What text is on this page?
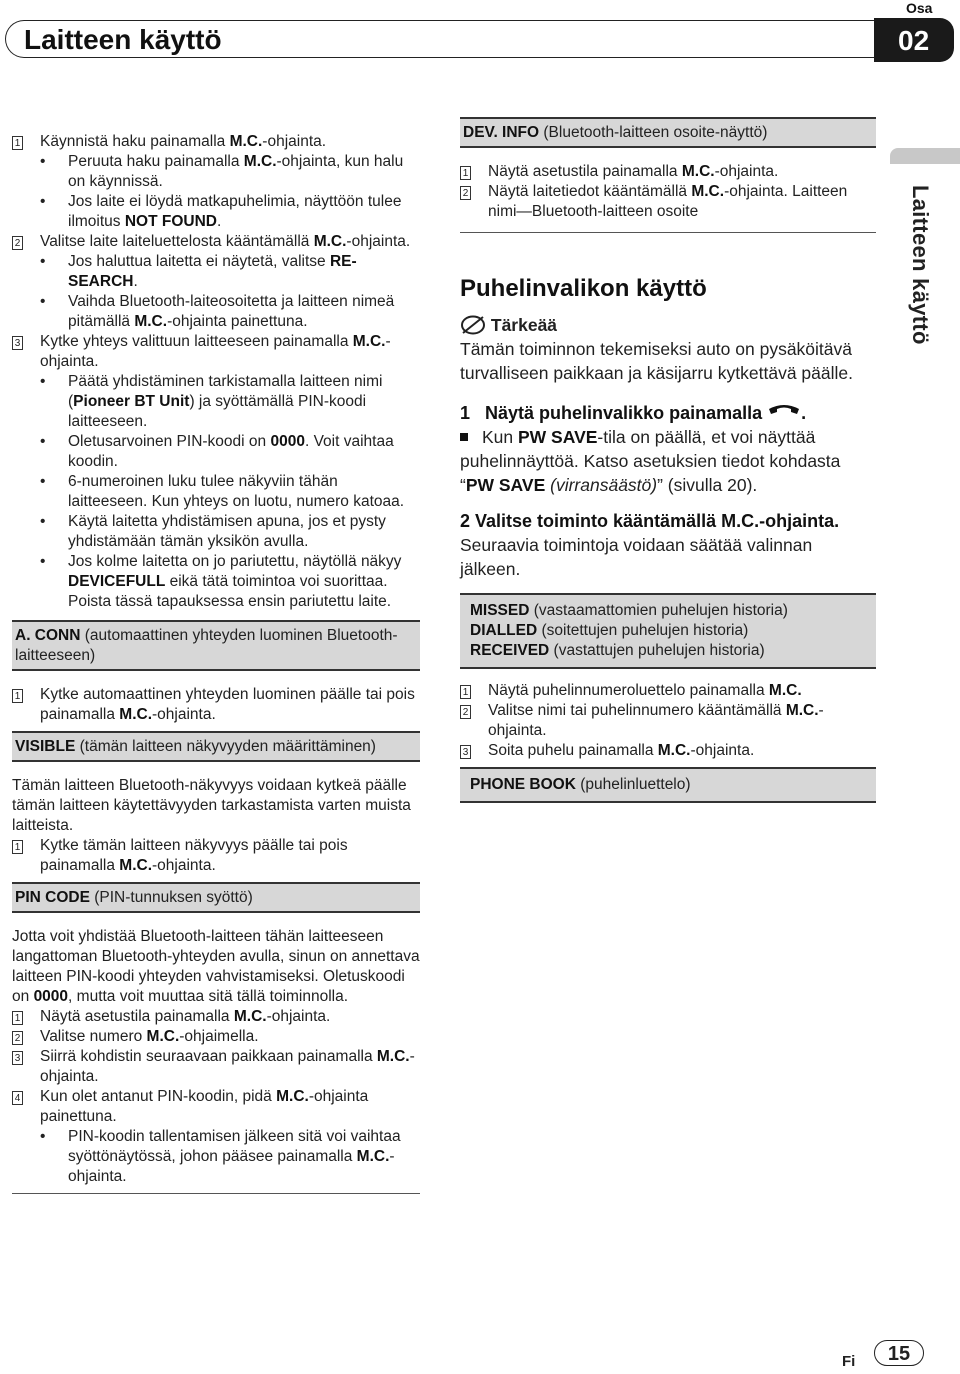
Osa
Laitteen käyttö	02
Laitteen käyttö
1	Käynnistä haku painamalla M.C.-ohjainta.
•	Peruuta haku painamalla M.C.-ohjainta, kun halu on käynnissä.
•	Jos laite ei löydä matkapuhelimia, näyttöön tulee ilmoitus NOT FOUND.
2	Valitse laite laiteluettelosta kääntämällä M.C.-ohjainta.
•	Jos haluttua laitetta ei näytetä, valitse RE-SEARCH.
•	Vaihda Bluetooth-laiteosoitetta ja laitteen nimeä pitämällä M.C.-ohjainta painettuna.
3	Kytke yhteys valittuun laitteeseen painamalla M.C.-ohjainta.
•	Päätä yhdistäminen tarkistamalla laitteen nimi (Pioneer BT Unit) ja syöttämällä PIN-koodi laitteeseen.
•	Oletusarvoinen PIN-koodi on 0000. Voit vaihtaa koodin.
•	6-numeroinen luku tulee näkyviin tähän laitteeseen. Kun yhteys on luotu, numero katoaa.
•	Käytä laitetta yhdistämisen apuna, jos et pysty yhdistämään tämän yksikön avulla.
•	Jos kolme laitetta on jo pariutettu, näytöllä näkyy DEVICEFULL eikä tätä toimintoa voi suorittaa. Poista tässä tapauksessa ensin pariutettu laite.
A. CONN (automaattinen yhteyden luominen Bluetooth-laitteeseen)
1	Kytke automaattinen yhteyden luominen päälle tai pois painamalla M.C.-ohjainta.
VISIBLE (tämän laitteen näkyvyyden määrittäminen)
Tämän laitteen Bluetooth-näkyvyys voidaan kytkeä päälle tämän laitteen käytettävyyden tarkastamista varten muista laitteista.
1	Kytke tämän laitteen näkyvyys päälle tai pois painamalla M.C.-ohjainta.
PIN CODE (PIN-tunnuksen syöttö)
Jotta voit yhdistää Bluetooth-laitteen tähän laitteeseen langattoman Bluetooth-yhteyden avulla, sinun on annettava laitteen PIN-koodi yhteyden vahvistamiseksi. Oletuskoodi on 0000, mutta voit muuttaa sitä tällä toiminnolla.
1	Näytä asetustila painamalla M.C.-ohjainta.
2	Valitse numero M.C.-ohjaimella.
3	Siirrä kohdistin seuraavaan paikkaan painamalla M.C.-ohjainta.
4	Kun olet antanut PIN-koodin, pidä M.C.-ohjainta painettuna.
•	PIN-koodin tallentamisen jälkeen sitä voi vaihtaa syöttönäytössä, johon pääsee painamalla M.C.-ohjainta.
DEV. INFO (Bluetooth-laitteen osoite-näyttö)
1	Näytä asetustila painamalla M.C.-ohjainta.
2	Näytä laitetiedot kääntämällä M.C.-ohjainta. Laitteen nimi—Bluetooth-laitteen osoite
Puhelinvalikon käyttö
Tärkeää
Tämän toiminnon tekemiseksi auto on pysäköitävä turvalliseen paikkaan ja käsijarru kytkettävä päälle.
1   Näytä puhelinvalikko painamalla .
Kun PW SAVE-tila on päällä, et voi näyttää puhelinnäyttöä. Katso asetuksien tiedot kohdasta “PW SAVE (virransäästö)” (sivulla 20).
2 Valitse toiminto kääntämällä M.C.-ohjainta.
Seuraavia toimintoja voidaan säätää valinnan jälkeen.
MISSED (vastaamattomien puhelujen historia)
DIALLED (soitettujen puhelujen historia)
RECEIVED (vastattujen puhelujen historia)
1	Näytä puhelinnumeroluettelo painamalla M.C.
2	Valitse nimi tai puhelinnumero kääntämällä M.C.-ohjainta.
3	Soita puhelu painamalla M.C.-ohjainta.
PHONE BOOK (puhelinluettelo)
Fi	15
